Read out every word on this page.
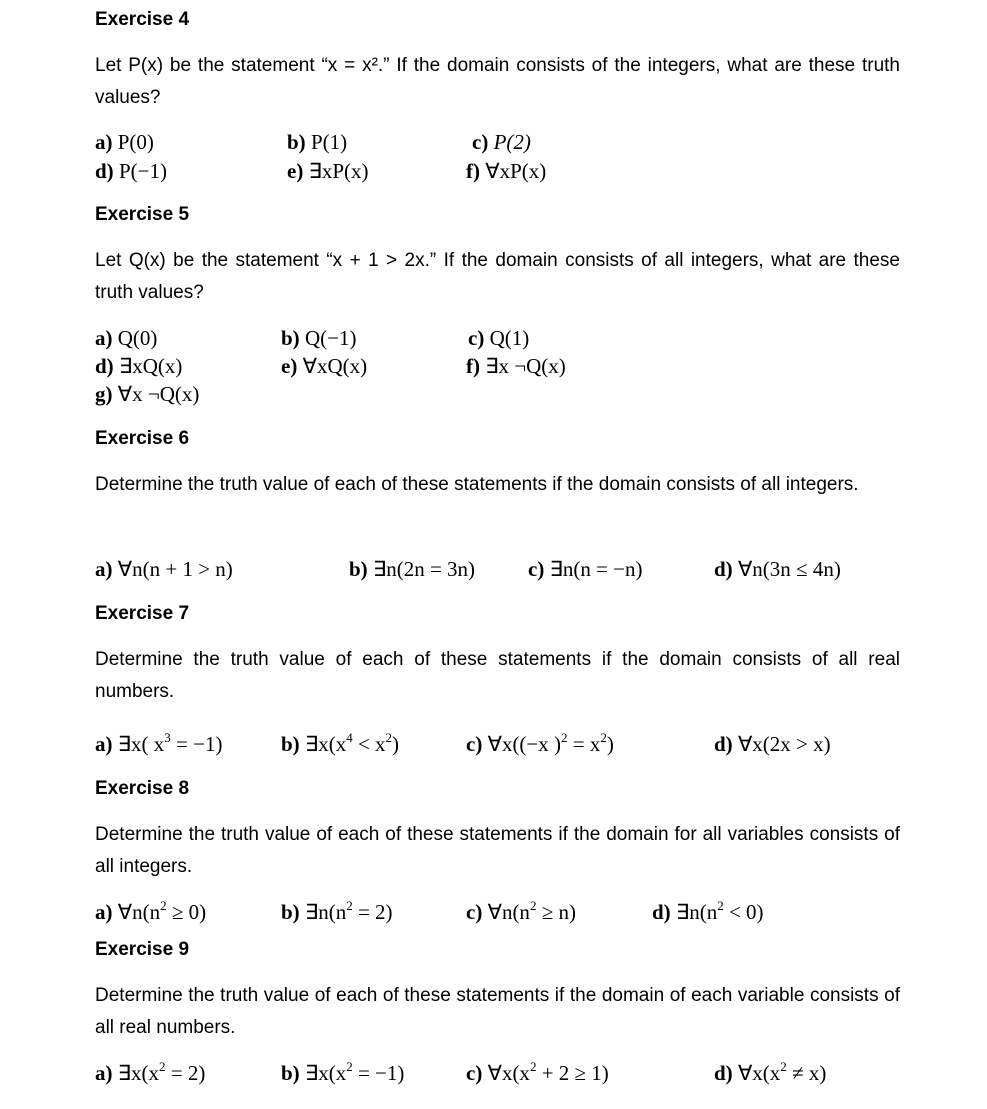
Exercise 4
Let P(x) be the statement “x = x².” If the domain consists of the integers, what are these truth values?
a) P(0)	b) P(1)	c) P(2)
d) P(−1)	e) ∃xP(x)	f) ∀xP(x)
Exercise 5
Let Q(x) be the statement “x + 1 > 2x.” If the domain consists of all integers, what are these truth values?
a) Q(0)	b) Q(−1)	c) Q(1)
d) ∃xQ(x)	e) ∀xQ(x)	f) ∃x ¬Q(x)
g) ∀x ¬Q(x)
Exercise 6
Determine the truth value of each of these statements if the domain consists of all integers.
a) ∀n(n + 1 > n)	b) ∃n(2n = 3n)	c) ∃n(n = −n)	d) ∀n(3n ≤ 4n)
Exercise 7
Determine the truth value of each of these statements if the domain consists of all real numbers.
a) ∃x( $x^3 = -1$)	b) $\exists x(x^4 < x^2)$	c) ∀x((−x )$^2 = x^2$)	d) ∀x(2x > x)
Exercise 8
Determine the truth value of each of these statements if the domain for all variables consists of all integers.
a) $\forall n(n^2 \ge 0)$	b) $\exists n(n^2 = 2)$	c) $\forall n(n^2 \ge n)$	d) $\exists n(n^2 < 0)$
Exercise 9
Determine the truth value of each of these statements if the domain of each variable consists of all real numbers.
a) $\exists x(x^2 = 2)$	b) $\exists x(x^2 = -1)$	c) $\forall x(x^2 + 2 \ge 1)$	d) $\forall x(x^2 \ne x)$
